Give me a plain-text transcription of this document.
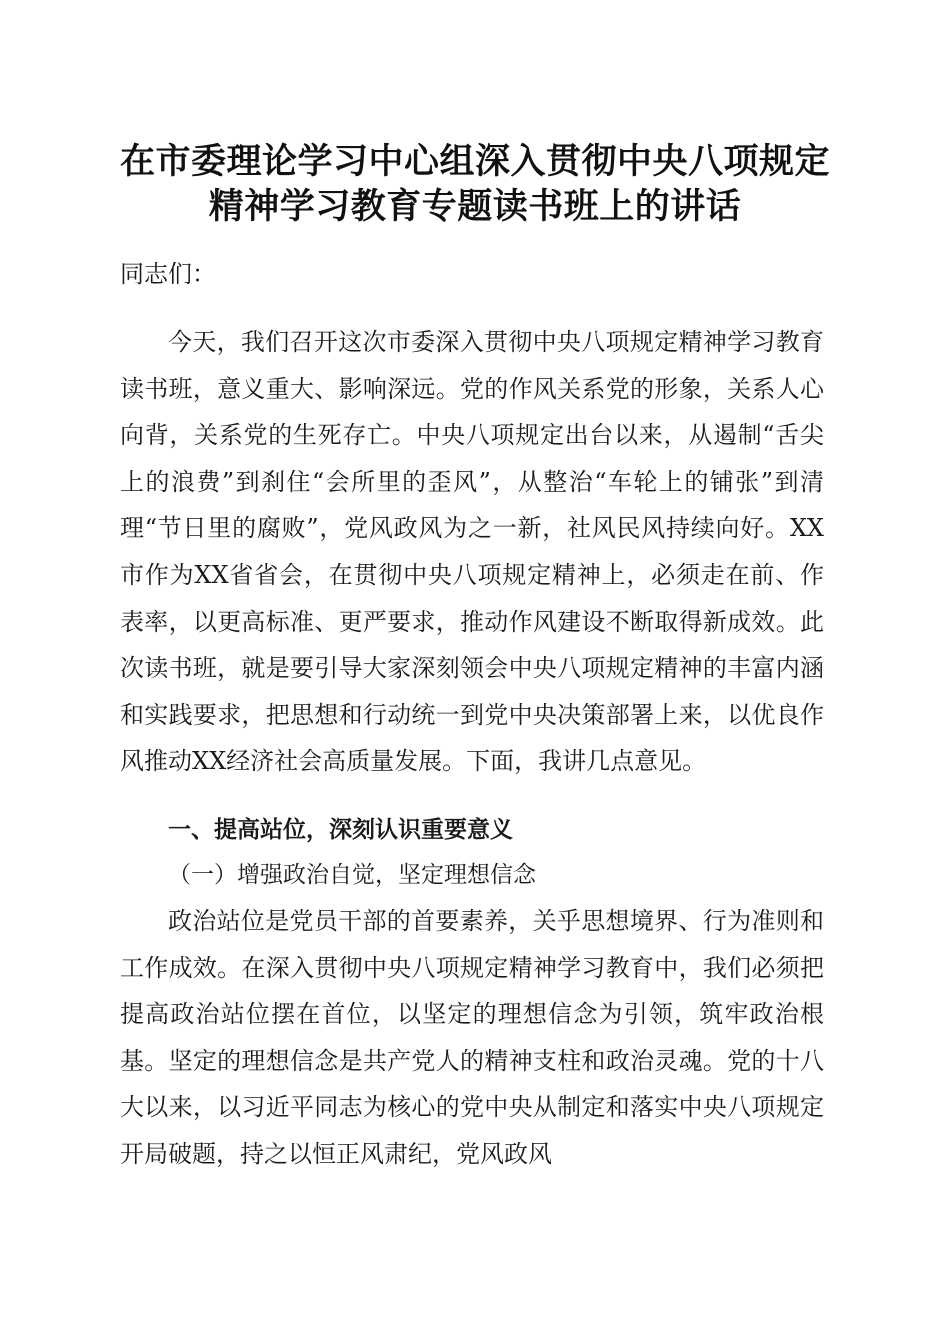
在市委理论学习中心组深入贯彻中央八项规定
精神学习教育专题读书班上的讲话
同志们：

今天，我们召开这次市委深入贯彻中央八项规定精神学习教育读书班，意义重大、影响深远。党的作风关系党的形象，关系人心向背，关系党的生死存亡。中央八项规定出台以来，从遏制“舌尖上的浪费”到刹住“会所里的歪风”，从整治“车轮上的铺张”到清理“节日里的腐败”，党风政风为之一新，社风民风持续向好。XX市作为XX省省会，在贯彻中央八项规定精神上，必须走在前、作表率，以更高标准、更严要求，推动作风建设不断取得新成效。此次读书班，就是要引导大家深刻领会中央八项规定精神的丰富内涵和实践要求，把思想和行动统一到党中央决策部署上来，以优良作风推动XX经济社会高质量发展。下面，我讲几点意见。

一、提高站位，深刻认识重要意义
（一）增强政治自觉，坚定理想信念

政治站位是党员干部的首要素养，关乎思想境界、行为准则和工作成效。在深入贯彻中央八项规定精神学习教育中，我们必须把提高政治站位摆在首位，以坚定的理想信念为引领，筑牢政治根基。坚定的理想信念是共产党人的精神支柱和政治灵魂。党的十八大以来，以习近平同志为核心的党中央从制定和落实中央八项规定开局破题，持之以恒正风肃纪，党风政风
